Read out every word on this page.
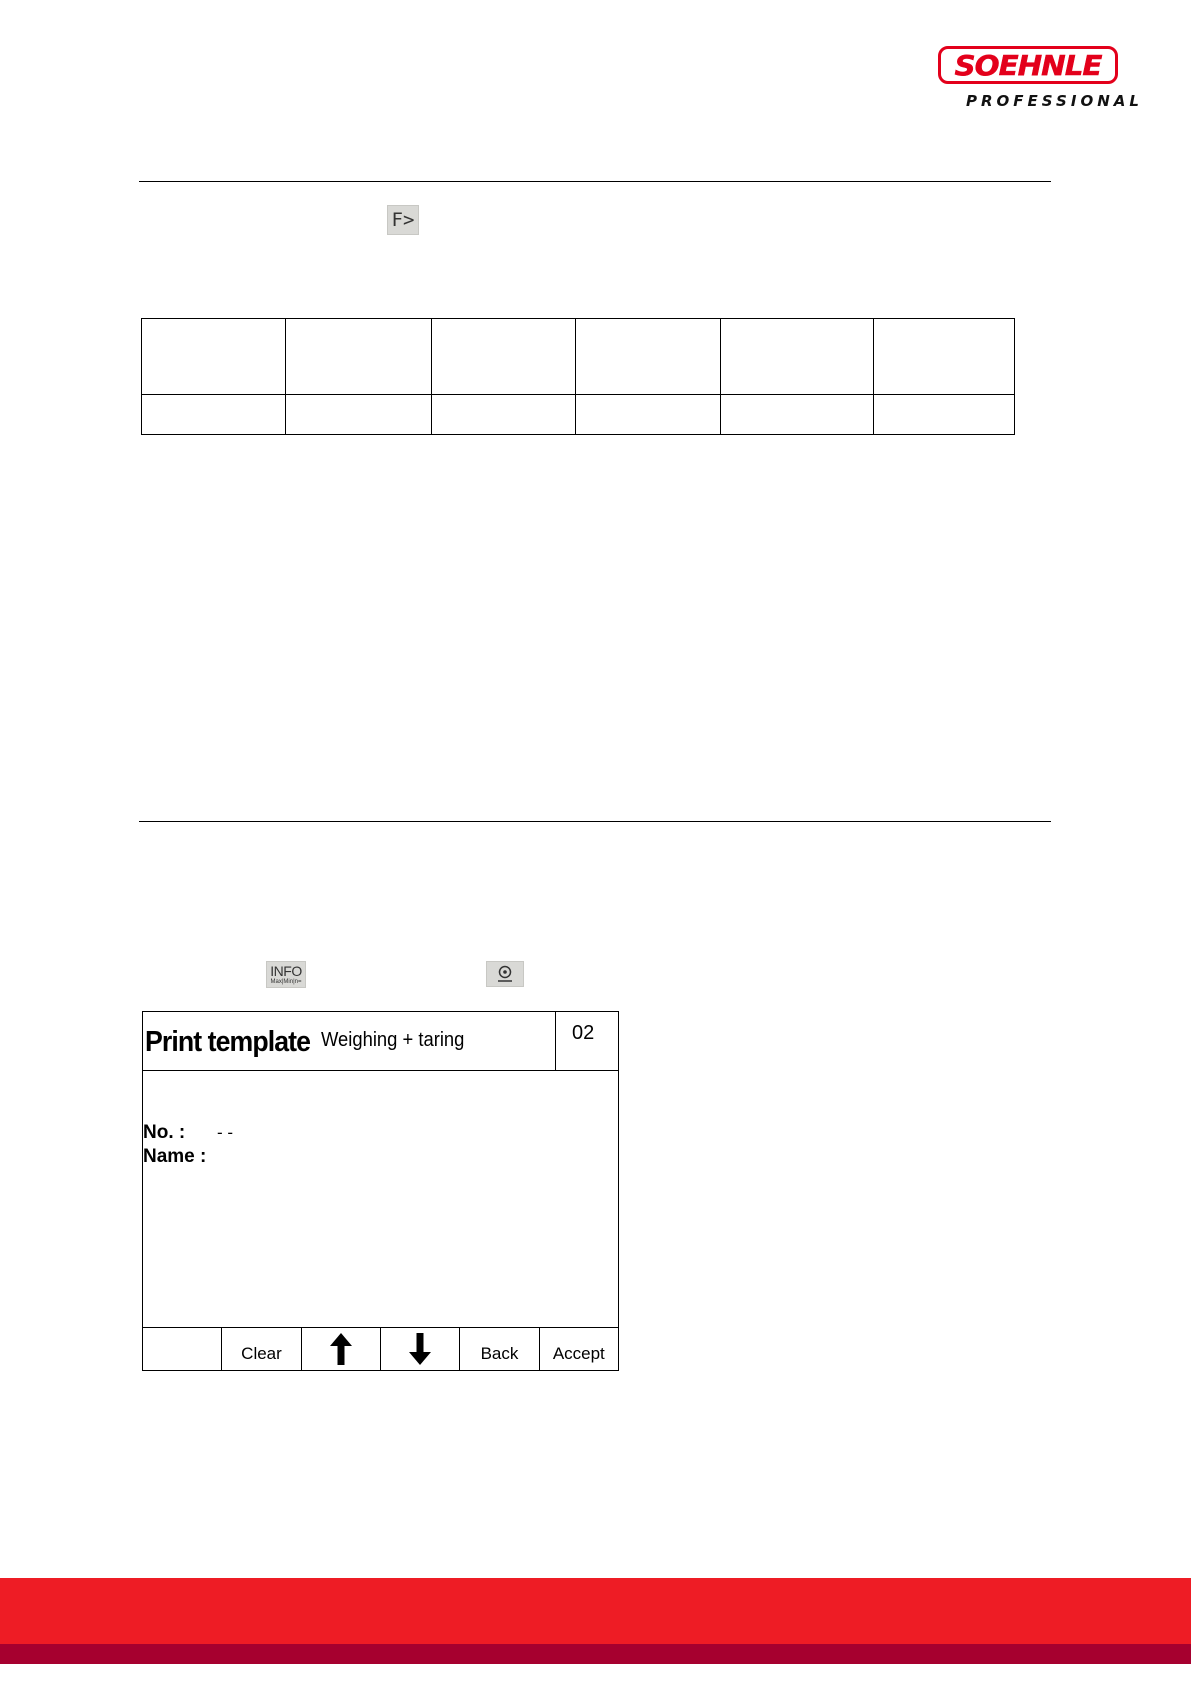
SOEHNLE
PROFESSIONAL
F>

INFO
Max|Min|n=
Print template Weighing + taring	02
No. : - -
Name :
Clear	Back	Accept
